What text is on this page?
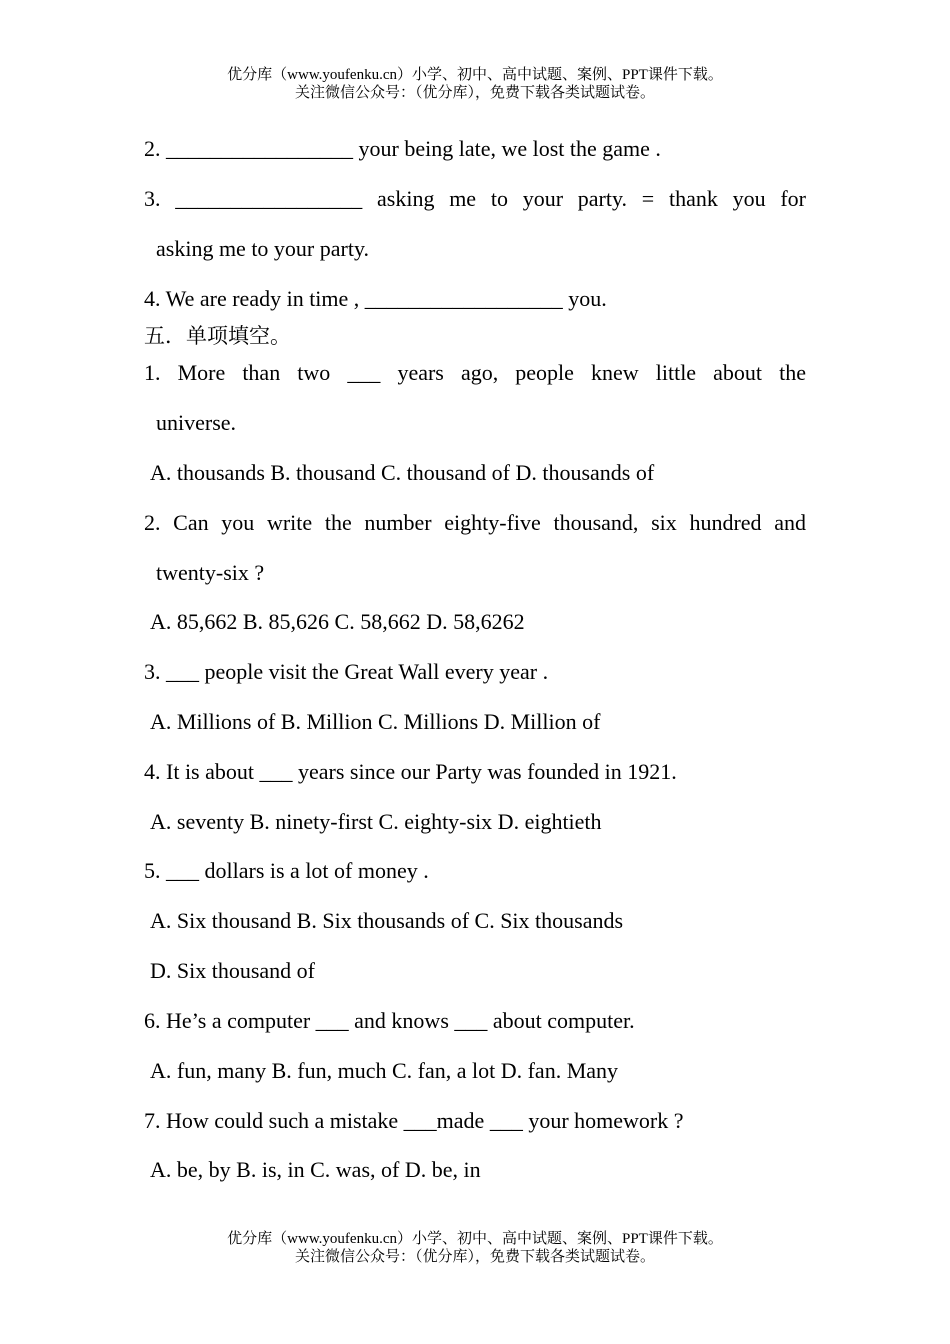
优分库（www.youfenku.cn）小学、初中、高中试题、案例、PPT课件下载。
关注微信公众号：（优分库），免费下载各类试题试卷。
2. _________________ your being late, we lost the game .
3. _________________ asking me to your party. = thank you for
asking me to your party.
4. We are ready in time , __________________ you.
五．单项填空。
1. More than two ___ years ago, people knew little about the
universe.
A. thousands B. thousand C. thousand of D. thousands of
2. Can you write the number eighty-five thousand, six hundred and
twenty-six ?
A. 85,662 B. 85,626 C. 58,662 D. 58,6262
3. ___ people visit the Great Wall every year .
A. Millions of B. Million C. Millions D. Million of
4. It is about ___ years since our Party was founded in 1921.
A. seventy B. ninety-first C. eighty-six D. eightieth
5. ___ dollars is a lot of money .
A. Six thousand B. Six thousands of C. Six thousands
D. Six thousand of
6. He’s a computer ___ and knows ___ about computer.
A. fun, many B. fun, much C. fan, a lot D. fan. Many
7. How could such a mistake ___made ___ your homework ?
A. be, by B. is, in C. was, of D. be, in
优分库（www.youfenku.cn）小学、初中、高中试题、案例、PPT课件下载。
关注微信公众号：（优分库），免费下载各类试题试卷。
